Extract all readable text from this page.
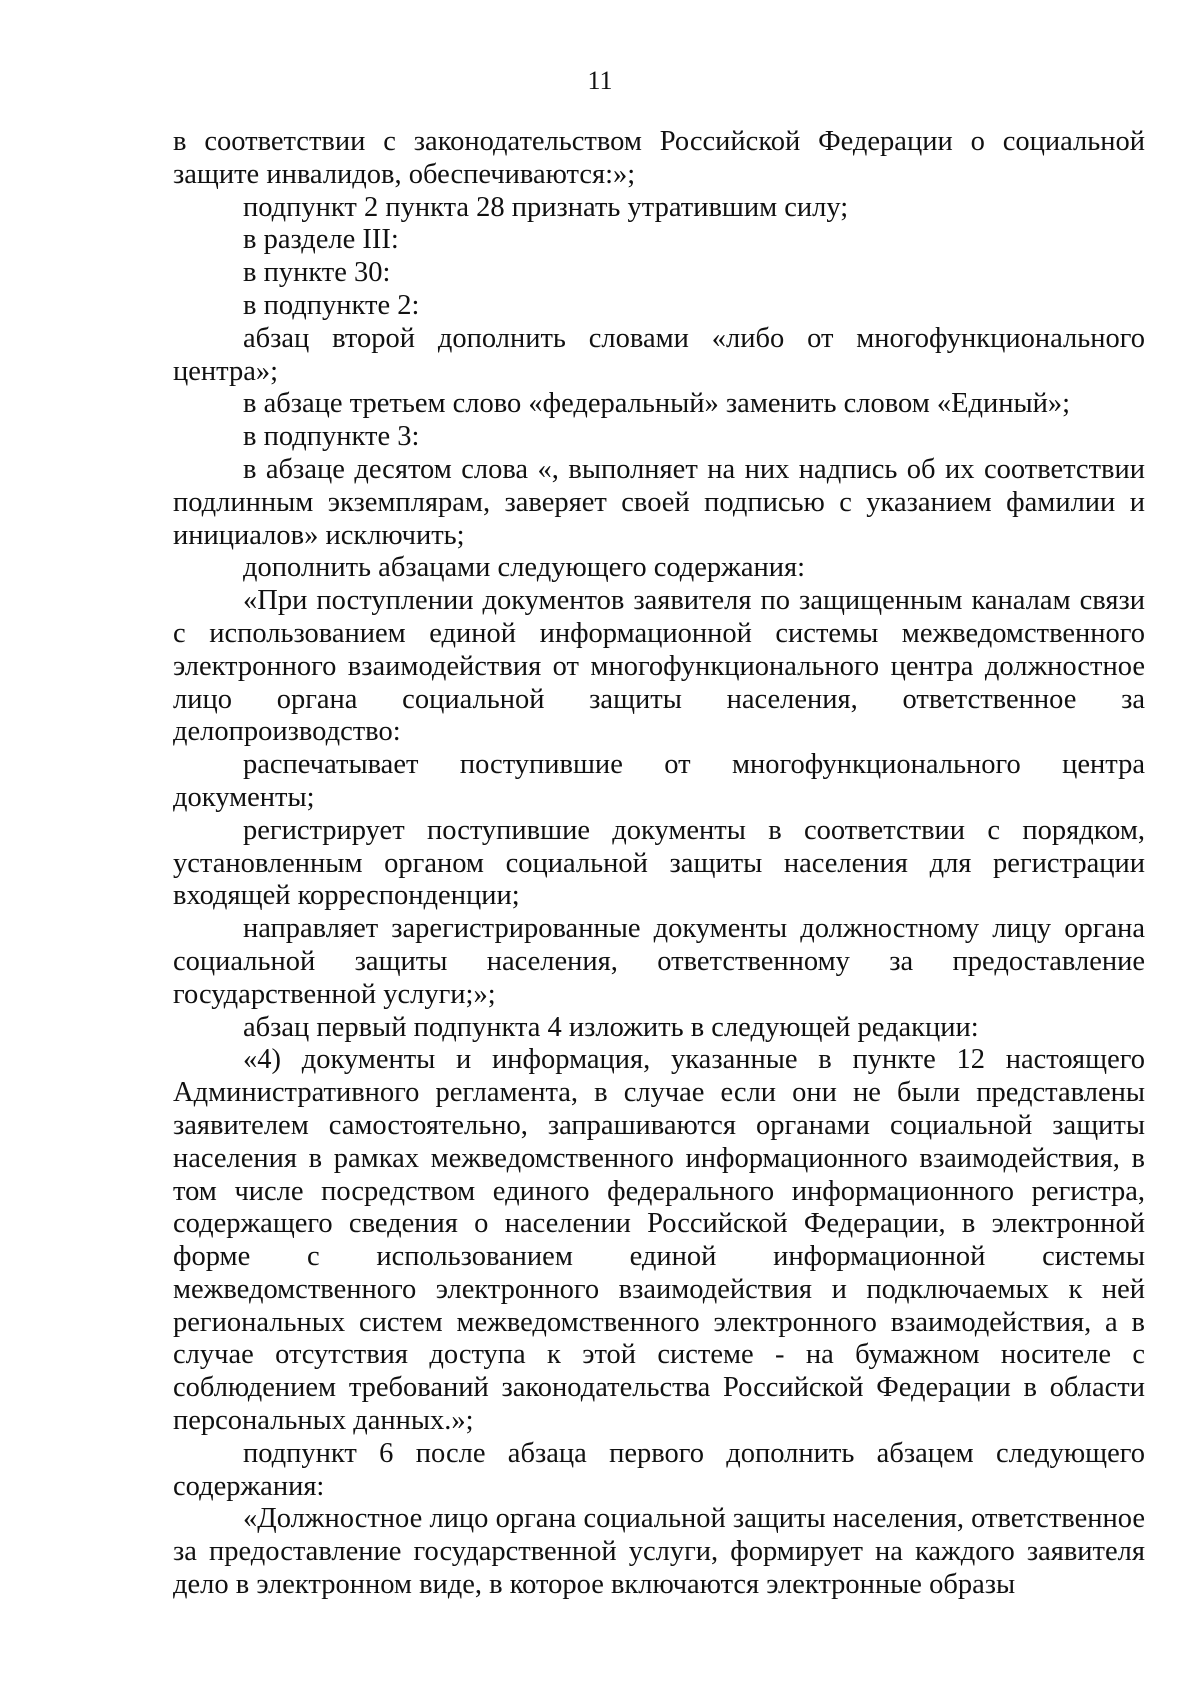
11

в соответствии с законодательством Российской Федерации о социальной защите инвалидов, обеспечиваются:»;

подпункт 2 пункта 28 признать утратившим силу;

в разделе III:

в пункте 30:

в подпункте 2:

абзац второй дополнить словами «либо от многофункционального центра»;

в абзаце третьем слово «федеральный» заменить словом «Единый»;

в подпункте 3:

в абзаце десятом слова «, выполняет на них надпись об их соответствии подлинным экземплярам, заверяет своей подписью с указанием фамилии и инициалов» исключить;

дополнить абзацами следующего содержания:

«При поступлении документов заявителя по защищенным каналам связи с использованием единой информационной системы межведомственного электронного взаимодействия от многофункционального центра должностное лицо органа социальной защиты населения, ответственное за делопроизводство:

распечатывает поступившие от многофункционального центра документы;

регистрирует поступившие документы в соответствии с порядком, установленным органом социальной защиты населения для регистрации входящей корреспонденции;

направляет зарегистрированные документы должностному лицу органа социальной защиты населения, ответственному за предоставление государственной услуги;»;

абзац первый подпункта 4 изложить в следующей редакции:

«4) документы и информация, указанные в пункте 12 настоящего Административного регламента, в случае если они не были представлены заявителем самостоятельно, запрашиваются органами социальной защиты населения в рамках межведомственного информационного взаимодействия, в том числе посредством единого федерального информационного регистра, содержащего сведения о населении Российской Федерации, в электронной форме с использованием единой информационной системы межведомственного электронного взаимодействия и подключаемых к ней региональных систем межведомственного электронного взаимодействия, а в случае отсутствия доступа к этой системе - на бумажном носителе с соблюдением требований законодательства Российской Федерации в области персональных данных.»;

подпункт 6 после абзаца первого дополнить абзацем следующего содержания:

«Должностное лицо органа социальной защиты населения, ответственное за предоставление государственной услуги, формирует на каждого заявителя дело в электронном виде, в которое включаются электронные образы
